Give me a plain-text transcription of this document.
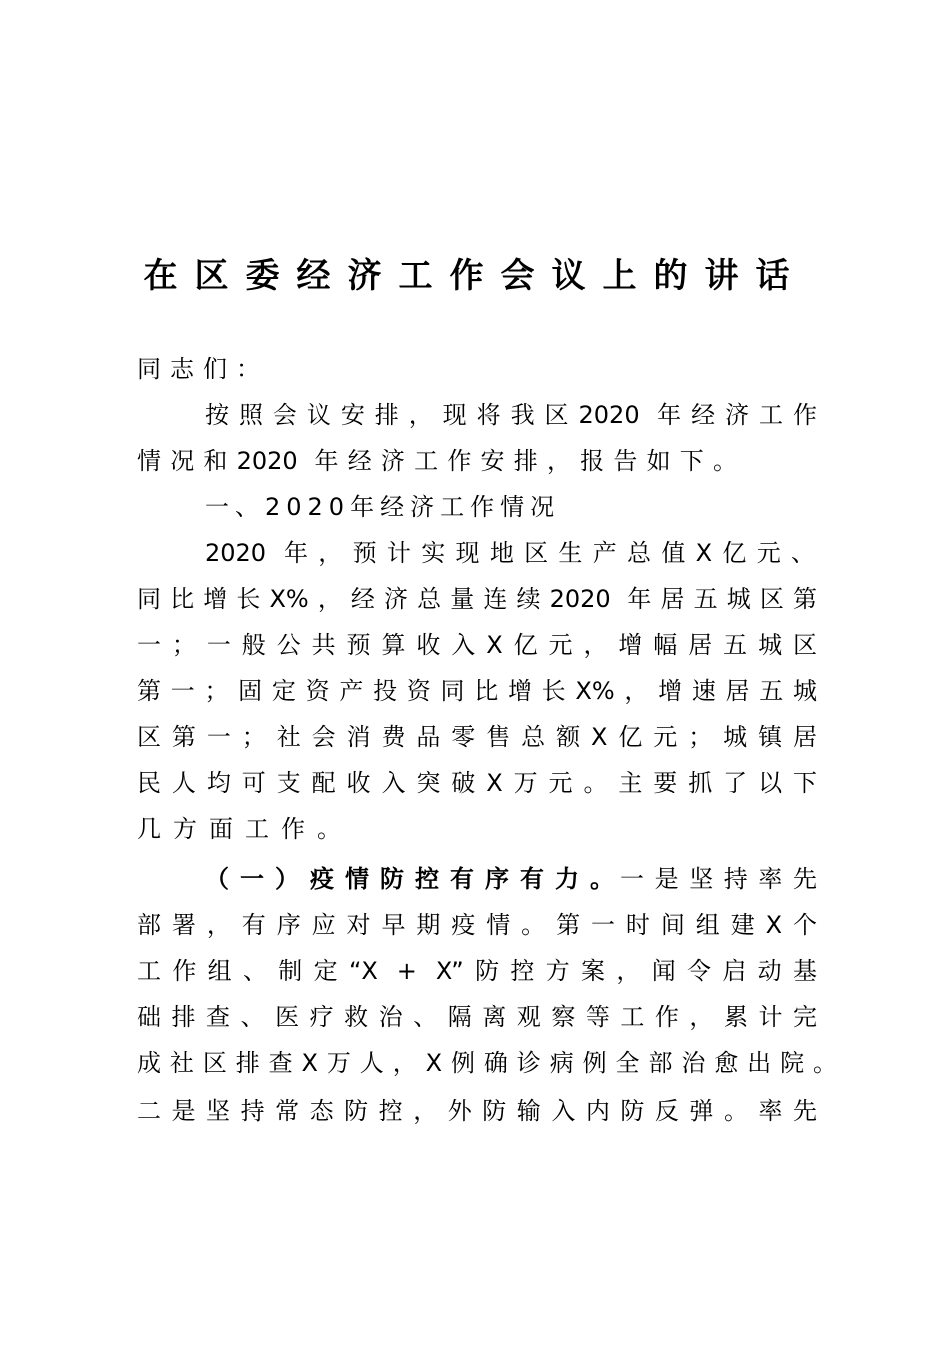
在区委经济工作会议上的讲话
同志们：
按照会议安排，现将我区2020 年经济工作
情况和2020 年经济工作安排，报告如下。
一、2020年经济工作情况
2020 年，预计实现地区生产总值X亿元、
同比增长X%，经济总量连续2020 年居五城区第
一；一般公共预算收入X亿元，增幅居五城区
第一；固定资产投资同比增长X%，增速居五城
区第一；社会消费品零售总额X亿元；城镇居
民人均可支配收入突破X万元。主要抓了以下
几方面工作。
（一）疫情防控有序有力。
一是坚持率先
部署，有序应对早期疫情。第一时间组建X个
工作组、制定“X + X”防控方案，闻令启动基
础排查、医疗救治、隔离观察等工作，累计完
成社区排查X万人，X例确诊病例全部治愈出院。
二是坚持常态防控，外防输入内防反弹。率先
